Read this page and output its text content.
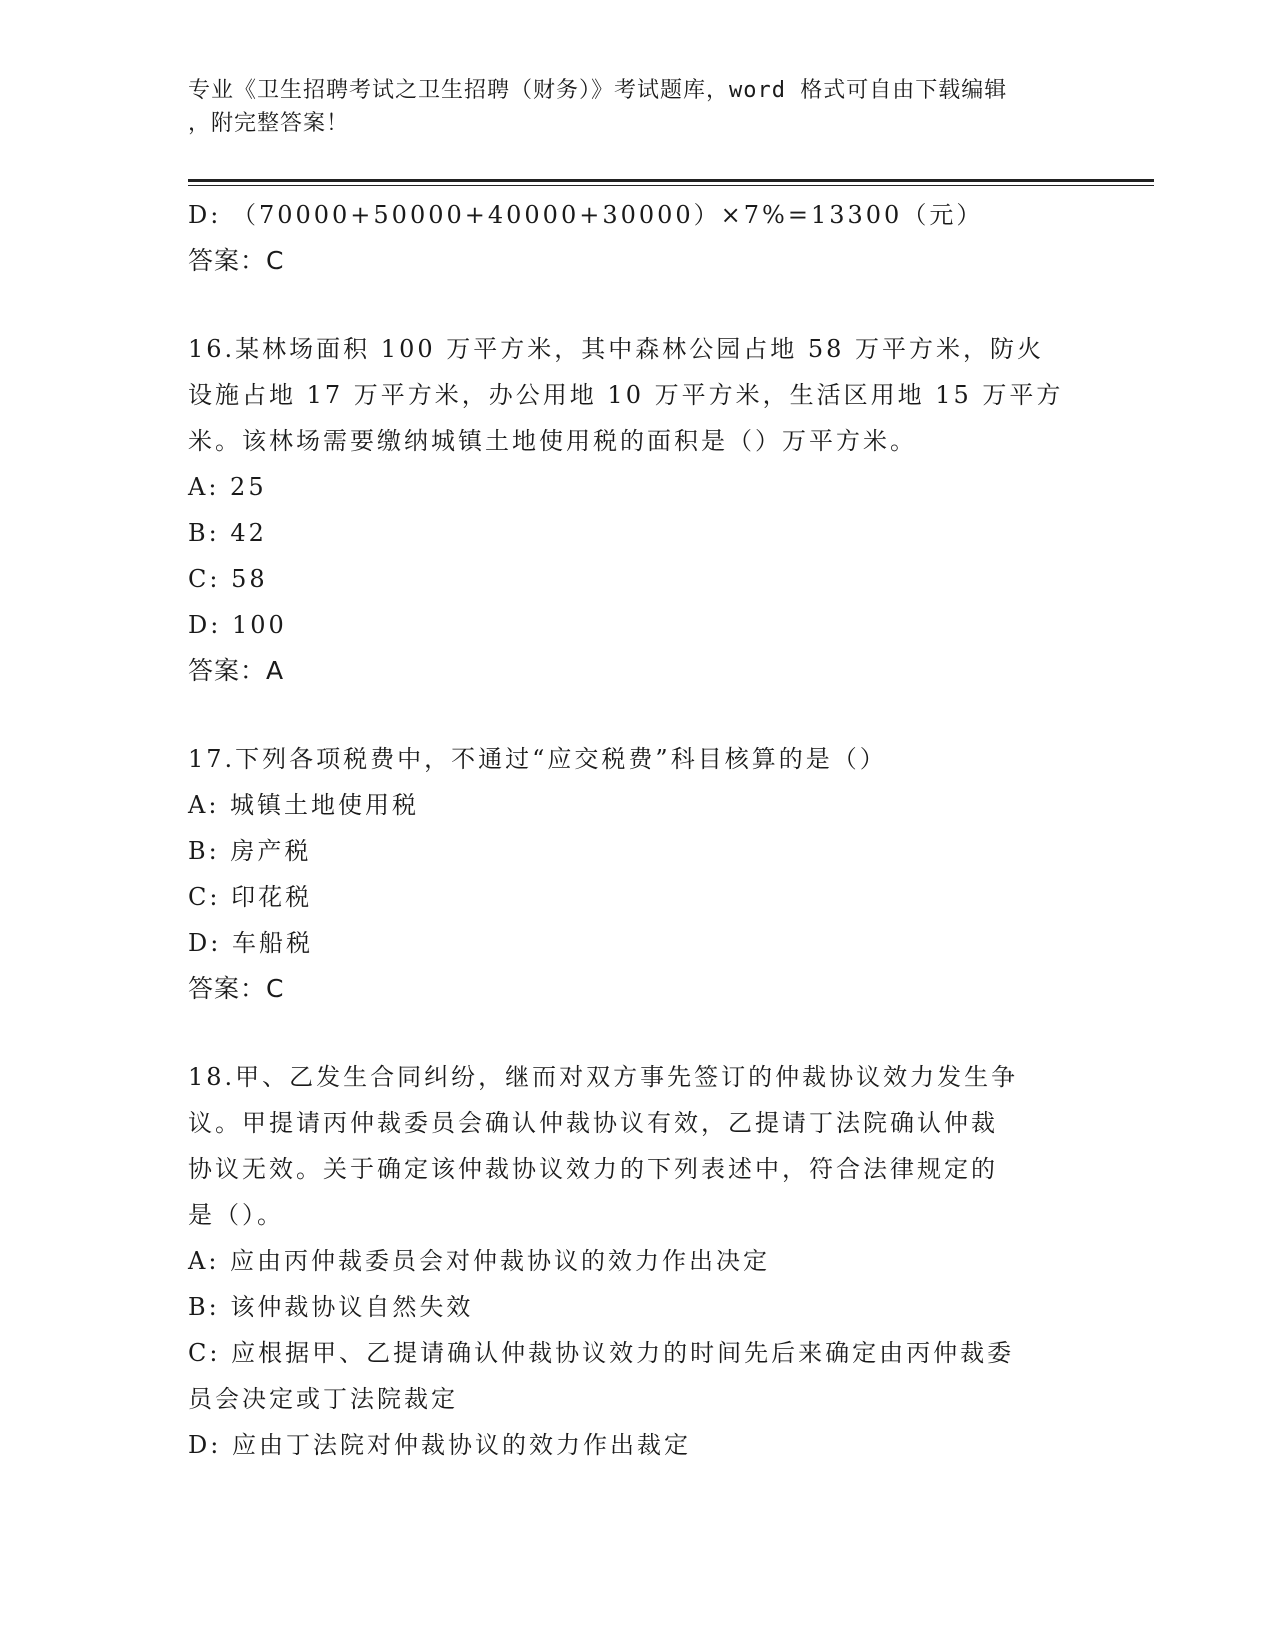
专业《卫生招聘考试之卫生招聘（财务）》考试题库，word 格式可自由下载编辑
，附完整答案！
D: （70000+50000+40000+30000）×7%=13300（元）
答案：C
16.某林场面积 100 万平方米，其中森林公园占地 58 万平方米，防火
设施占地 17 万平方米，办公用地 10 万平方米，生活区用地 15 万平方
米。该林场需要缴纳城镇土地使用税的面积是（）万平方米。
A: 25
B: 42
C: 58
D: 100
答案：A
17.下列各项税费中，不通过“应交税费”科目核算的是（）
A: 城镇土地使用税
B: 房产税
C: 印花税
D: 车船税
答案：C
18.甲、乙发生合同纠纷，继而对双方事先签订的仲裁协议效力发生争
议。甲提请丙仲裁委员会确认仲裁协议有效，乙提请丁法院确认仲裁
协议无效。关于确定该仲裁协议效力的下列表述中，符合法律规定的
是（）。
A: 应由丙仲裁委员会对仲裁协议的效力作出决定
B: 该仲裁协议自然失效
C: 应根据甲、乙提请确认仲裁协议效力的时间先后来确定由丙仲裁委
员会决定或丁法院裁定
D: 应由丁法院对仲裁协议的效力作出裁定
